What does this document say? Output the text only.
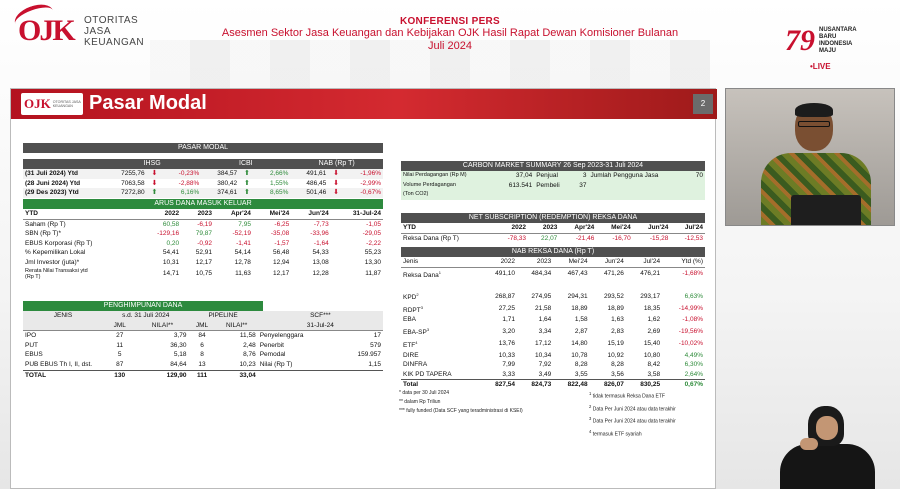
OJK	OTORITAS
JASA
KEUANGAN
KONFERENSI PERS
Asesmen Sektor Jasa Keuangan dan Kebijakan OJK Hasil Rapat Dewan Komisioner Bulanan
Juli 2024	79 NUSANTARA
BARU
INDONESIA
MAJU
•LIVE
OJK OTORITAS JASA KEUANGAN Pasar Modal	2
PASAR MODAL
	IHSG			ICBI			NAB (Rp T)		
(31 Juli 2024) Ytd	7255,76	⬇	-0,23%	384,57	⬆	2,66%	491,61	⬇	-1,96%
(28 Juni 2024) Ytd	7063,58	⬇	-2,88%	380,42	⬆	1,55%	486,45	⬇	-2,99%
(29 Des 2023) Ytd	7272,80	⬆	6,16%	374,61	⬆	8,65%	501,46	⬇	-0,67%
ARUS DANA MASUK KELUAR
YTD	2022	2023	Apr'24	Mei'24	Jun'24	31-Jul-24
Saham (Rp T)	60,58	-6,19	7,95	-6,25	-7,73	-1,05
SBN (Rp T)*	-129,16	79,87	-52,19	-35,08	-33,96	-29,05
EBUS Korporasi (Rp T)	0,20	-0,92	-1,41	-1,57	-1,64	-2,22
% Kepemilikan Lokal	54,41	52,91	54,14	56,48	54,33	55,23
Jml Investor (juta)*	10,31	12,17	12,78	12,94	13,08	13,30
Rerata Nilai Transaksi ytd
(Rp T)	14,71	10,75	11,63	12,17	12,28	11,87
PENGHIMPUNAN DANA
JENIS	s.d. 31 Juli 2024		PIPELINE		SCF***	
	JML	NILAI**	JML	NILAI**	31-Jul-24	
IPO	27	3,79	84	11,58	Penyelenggara	17
PUT	11	36,30	6	2,48	Penerbit	579
EBUS	5	5,18	8	8,76	Pemodal	159.957
PUB EBUS Th I, II, dst.	87	84,64	13	10,23	Nilai (Rp T)	1,15
TOTAL	130	129,90	111	33,04		
* data per 30 Juli 2024
** dalam Rp Triliun
*** fully funded (Data SCF yang teradministrasi di KSEI)
$^1$ tidak termasuk Reksa Dana ETF
$^2$ Data Per Juni 2024 atau data terakhir
$^3$ Data Per Juni 2024 atau data terakhir
$^4$ termasuk ETF syariah
CARBON MARKET SUMMARY 26 Sep 2023-31 Juli 2024
Nilai Perdagangan (Rp M)	37,04	Penjual	3	Jumlah Pengguna Jasa	70
Volume Perdagangan	613.541	Pembeli	37		
(Ton CO2)					
NET SUBSCRIPTION (REDEMPTION) REKSA DANA
YTD	2022	2023	Apr'24	Mei'24	Jun'24	Jul'24
Reksa Dana (Rp T)	-78,33	22,07	-21,46	-16,70	-15,28	-12,53
NAB REKSA DANA (Rp T)
Jenis	2022	2023	Mei'24	Jun'24	Jul'24	Ytd (%)
Reksa Dana$^1$	491,10	484,34	467,43	471,26	476,21	-1,68%

KPD$^2$	268,87	274,95	294,31	293,52	293,17	6,63%
RDPT$^3$	27,25	21,58	18,89	18,89	18,35	-14,99%
EBA	1,71	1,64	1,58	1,63	1,62	-1,08%
EBA-$SP^3$	3,20	3,34	2,87	2,83	2,69	-19,56%
ETF$^4$	13,76	17,12	14,80	15,19	15,40	-10,02%
DIRE	10,33	10,34	10,78	10,92	10,80	4,49%
DINFRA	7,99	7,92	8,28	8,28	8,42	6,30%
KIK PD TAPERA	3,33	3,49	3,55	3,56	3,58	2,64%
Total	827,54	824,73	822,48	826,07	830,25	0,67%
